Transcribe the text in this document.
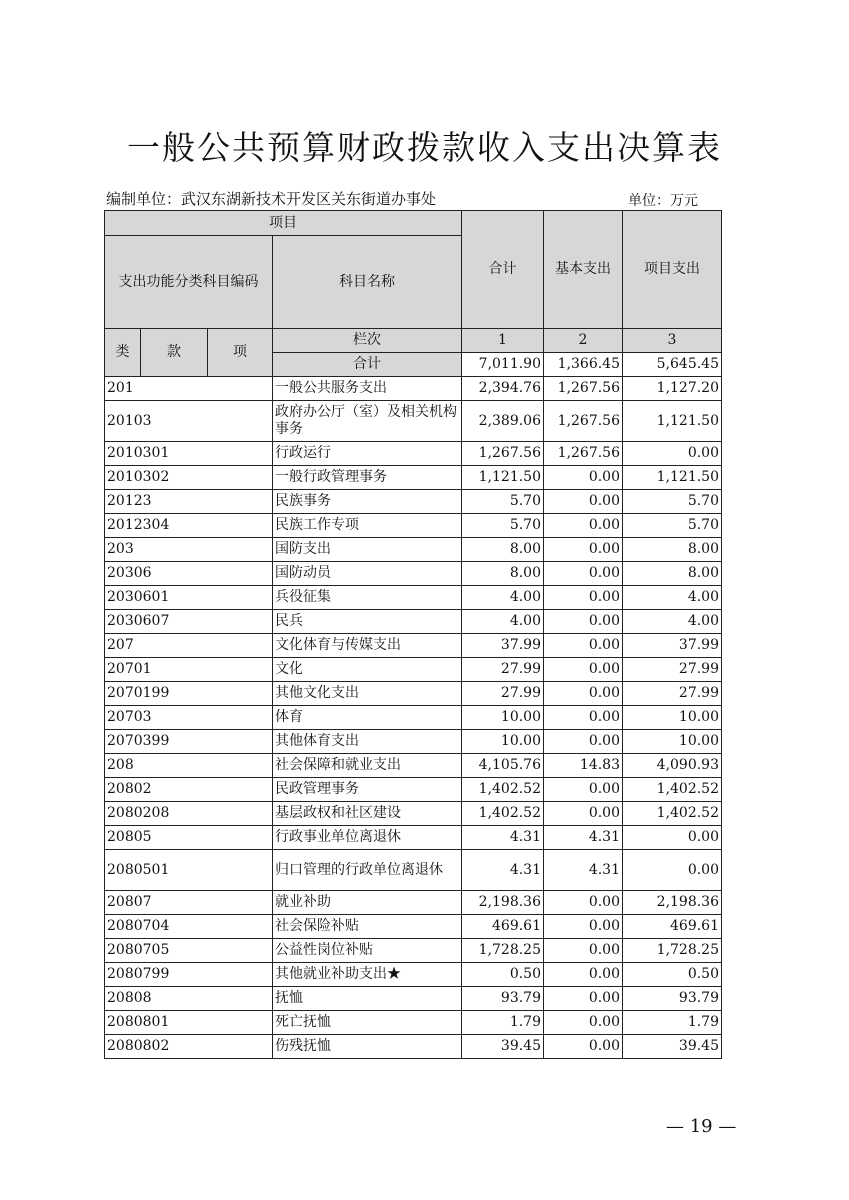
一般公共预算财政拨款收入支出决算表
编制单位：武汉东湖新技术开发区关东街道办事处	单位：万元
项目				合计	基本支出	项目支出
支出功能分类科目编码			科目名称			
类	款	项	栏次	1	2	3
			合计	7,011.90	1,366.45	5,645.45
201			一般公共服务支出	2,394.76	1,267.56	1,127.20
20103			政府办公厅（室）及相关机构事务	2,389.06	1,267.56	1,121.50
2010301			行政运行	1,267.56	1,267.56	0.00
2010302			一般行政管理事务	1,121.50	0.00	1,121.50
20123			民族事务	5.70	0.00	5.70
2012304			民族工作专项	5.70	0.00	5.70
203			国防支出	8.00	0.00	8.00
20306			国防动员	8.00	0.00	8.00
2030601			兵役征集	4.00	0.00	4.00
2030607			民兵	4.00	0.00	4.00
207			文化体育与传媒支出	37.99	0.00	37.99
20701			文化	27.99	0.00	27.99
2070199			其他文化支出	27.99	0.00	27.99
20703			体育	10.00	0.00	10.00
2070399			其他体育支出	10.00	0.00	10.00
208			社会保障和就业支出	4,105.76	14.83	4,090.93
20802			民政管理事务	1,402.52	0.00	1,402.52
2080208			基层政权和社区建设	1,402.52	0.00	1,402.52
20805			行政事业单位离退休	4.31	4.31	0.00
2080501			归口管理的行政单位离退休	4.31	4.31	0.00
20807			就业补助	2,198.36	0.00	2,198.36
2080704			社会保险补贴	469.61	0.00	469.61
2080705			公益性岗位补贴	1,728.25	0.00	1,728.25
2080799			其他就业补助支出★	0.50	0.00	0.50
20808			抚恤	93.79	0.00	93.79
2080801			死亡抚恤	1.79	0.00	1.79
2080802			伤残抚恤	39.45	0.00	39.45
— 19 —
